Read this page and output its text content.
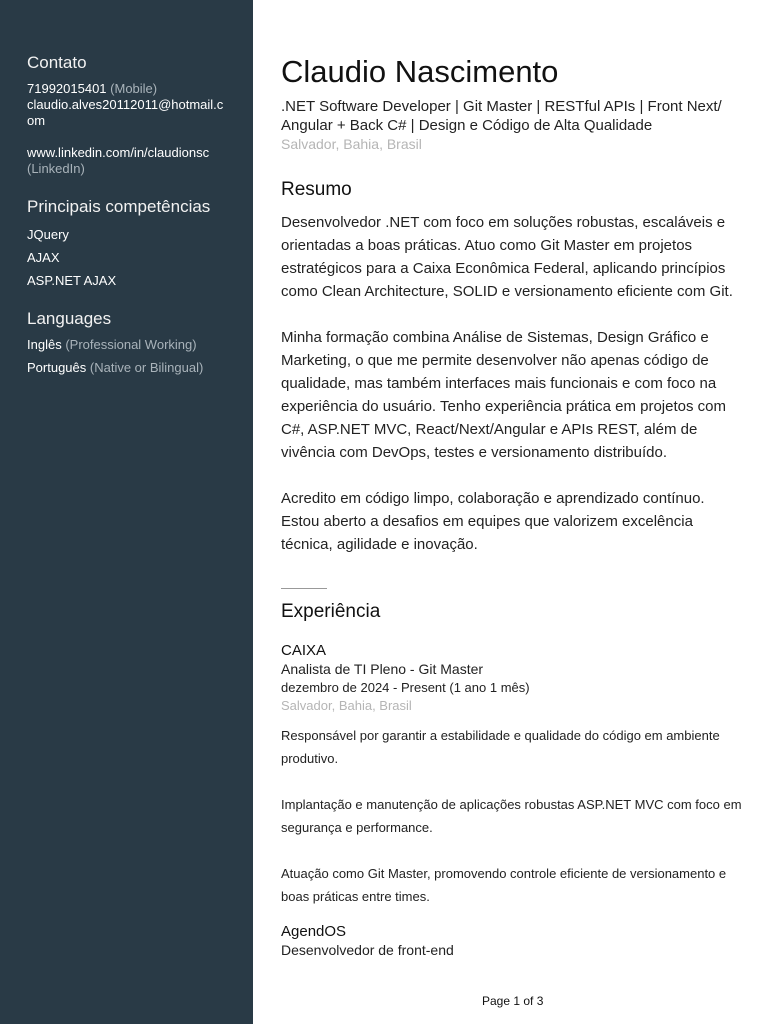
Contato
71992015401 (Mobile)
claudio.alves20112011@hotmail.com
www.linkedin.com/in/claudionsc
(LinkedIn)
Principais competências
JQuery
AJAX
ASP.NET AJAX
Languages
Inglês (Professional Working)
Português (Native or Bilingual)
Claudio Nascimento
.NET Software Developer | Git Master | RESTful APIs | Front Next/ Angular + Back C# | Design e Código de Alta Qualidade
Salvador, Bahia, Brasil
Resumo

Desenvolvedor .NET com foco em soluções robustas, escaláveis e orientadas a boas práticas. Atuo como Git Master em projetos estratégicos para a Caixa Econômica Federal, aplicando princípios como Clean Architecture, SOLID e versionamento eficiente com Git.

Minha formação combina Análise de Sistemas, Design Gráfico e Marketing, o que me permite desenvolver não apenas código de qualidade, mas também interfaces mais funcionais e com foco na experiência do usuário. Tenho experiência prática em projetos com C#, ASP.NET MVC, React/Next/Angular e APIs REST, além de vivência com DevOps, testes e versionamento distribuído.

Acredito em código limpo, colaboração e aprendizado contínuo. Estou aberto a desafios em equipes que valorizem excelência técnica, agilidade e inovação.

Experiência
CAIXA
Analista de TI Pleno - Git Master
dezembro de 2024 - Present (1 ano 1 mês)
Salvador, Bahia, Brasil

Responsável por garantir a estabilidade e qualidade do código em ambiente produtivo.

Implantação e manutenção de aplicações robustas ASP.NET MVC com foco em segurança e performance.

Atuação como Git Master, promovendo controle eficiente de versionamento e boas práticas entre times.

AgendOS
Desenvolvedor de front-end
Page 1 of 3
